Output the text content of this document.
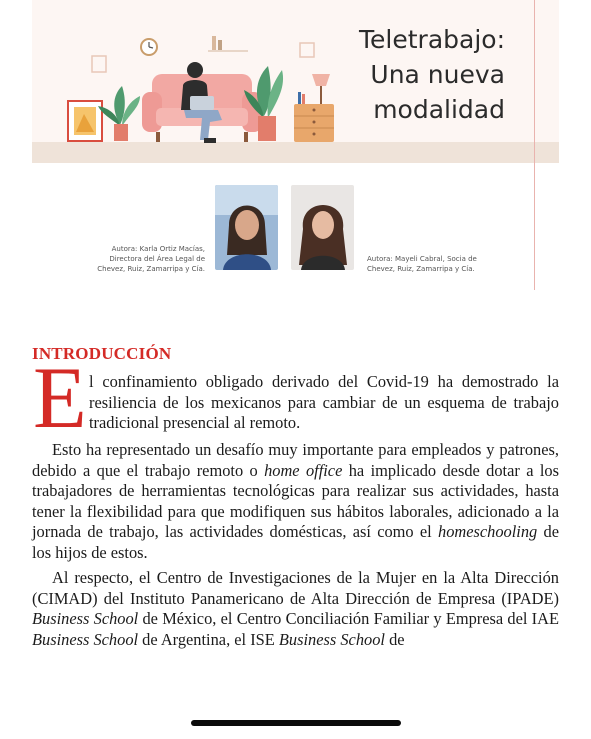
Teletrabajo:
Una nueva
modalidad
Autora: Karla Ortiz Macías,
Directora del Área Legal de
Chevez, Ruiz, Zamarripa y Cía.
Autora: Mayeli Cabral, Socia de
Chevez, Ruiz, Zamarripa y Cía.
INTRODUCCIÓN
E l confinamiento obligado derivado del Covid-19 ha demostrado la resiliencia de los mexicanos para cambiar de un esquema de trabajo tradicional presencial al remoto.
Esto ha representado un desafío muy importante para empleados y patrones, debido a que el trabajo remoto o home office ha implicado desde dotar a los trabajadores de herramientas tecnológicas para realizar sus actividades, hasta tener la flexibilidad para que modifiquen sus hábitos laborales, adicionado a la jornada de trabajo, las actividades domésticas, así como el homeschooling de los hijos de estos.
Al respecto, el Centro de Investigaciones de la Mujer en la Alta Dirección (CIMAD) del Instituto Panamericano de Alta Dirección de Empresa (IPADE) Business School de México, el Centro Conciliación Familiar y Empresa del IAE Business School de Argentina, el ISE Business School de
